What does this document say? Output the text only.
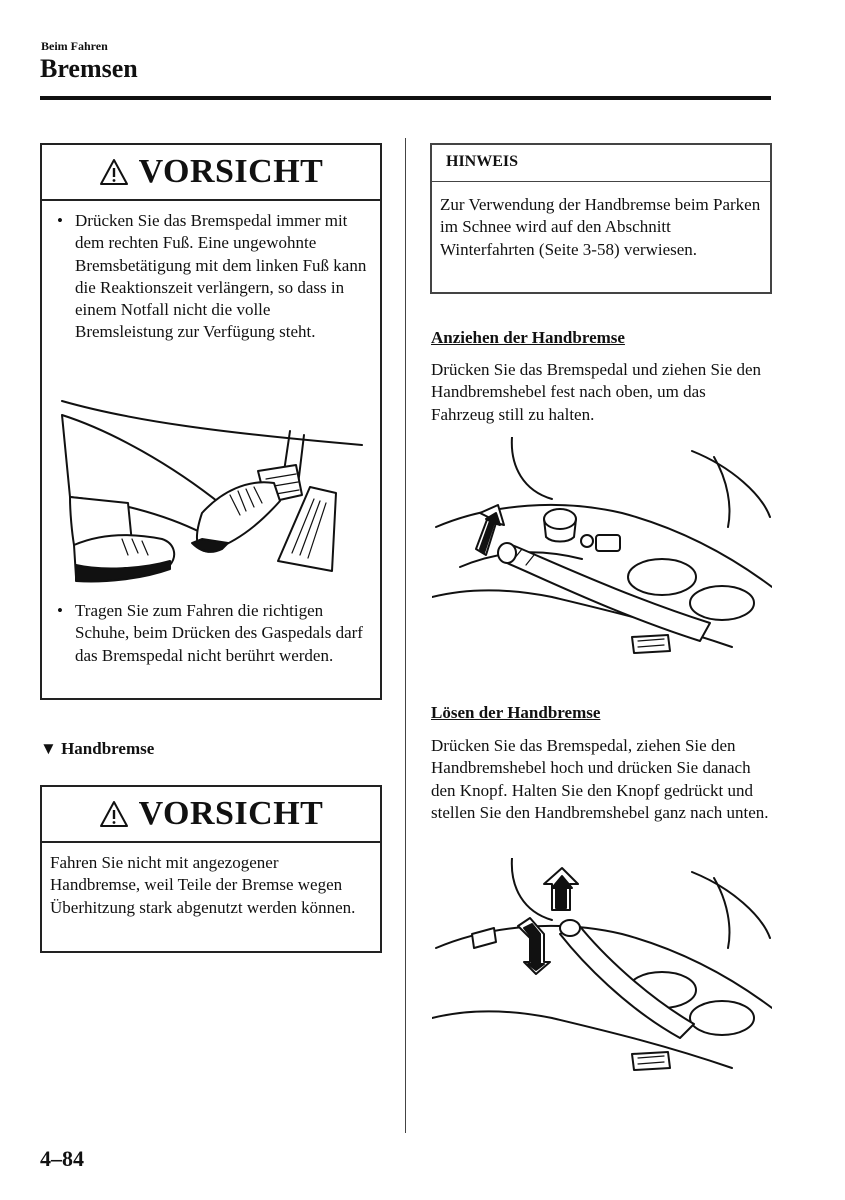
Beim Fahren
Bremsen
VORSICHT
• Drücken Sie das Bremspedal immer mit dem rechten Fuß. Eine ungewohnte Bremsbetätigung mit dem linken Fuß kann die Reaktionszeit verlängern, so dass in einem Notfall nicht die volle Bremsleistung zur Verfügung steht.
• Tragen Sie zum Fahren die richtigen Schuhe, beim Drücken des Gaspedals darf das Bremspedal nicht berührt werden.
▼ Handbremse
VORSICHT
Fahren Sie nicht mit angezogener Handbremse, weil Teile der Bremse wegen Überhitzung stark abgenutzt werden können.
HINWEIS
Zur Verwendung der Handbremse beim Parken im Schnee wird auf den Abschnitt Winterfahrten (Seite 3-58) verwiesen.
Anziehen der Handbremse
Drücken Sie das Bremspedal und ziehen Sie den Handbremshebel fest nach oben, um das Fahrzeug still zu halten.
Lösen der Handbremse
Drücken Sie das Bremspedal, ziehen Sie den Handbremshebel hoch und drücken Sie danach den Knopf. Halten Sie den Knopf gedrückt und stellen Sie den Handbremshebel ganz nach unten.
4–84
